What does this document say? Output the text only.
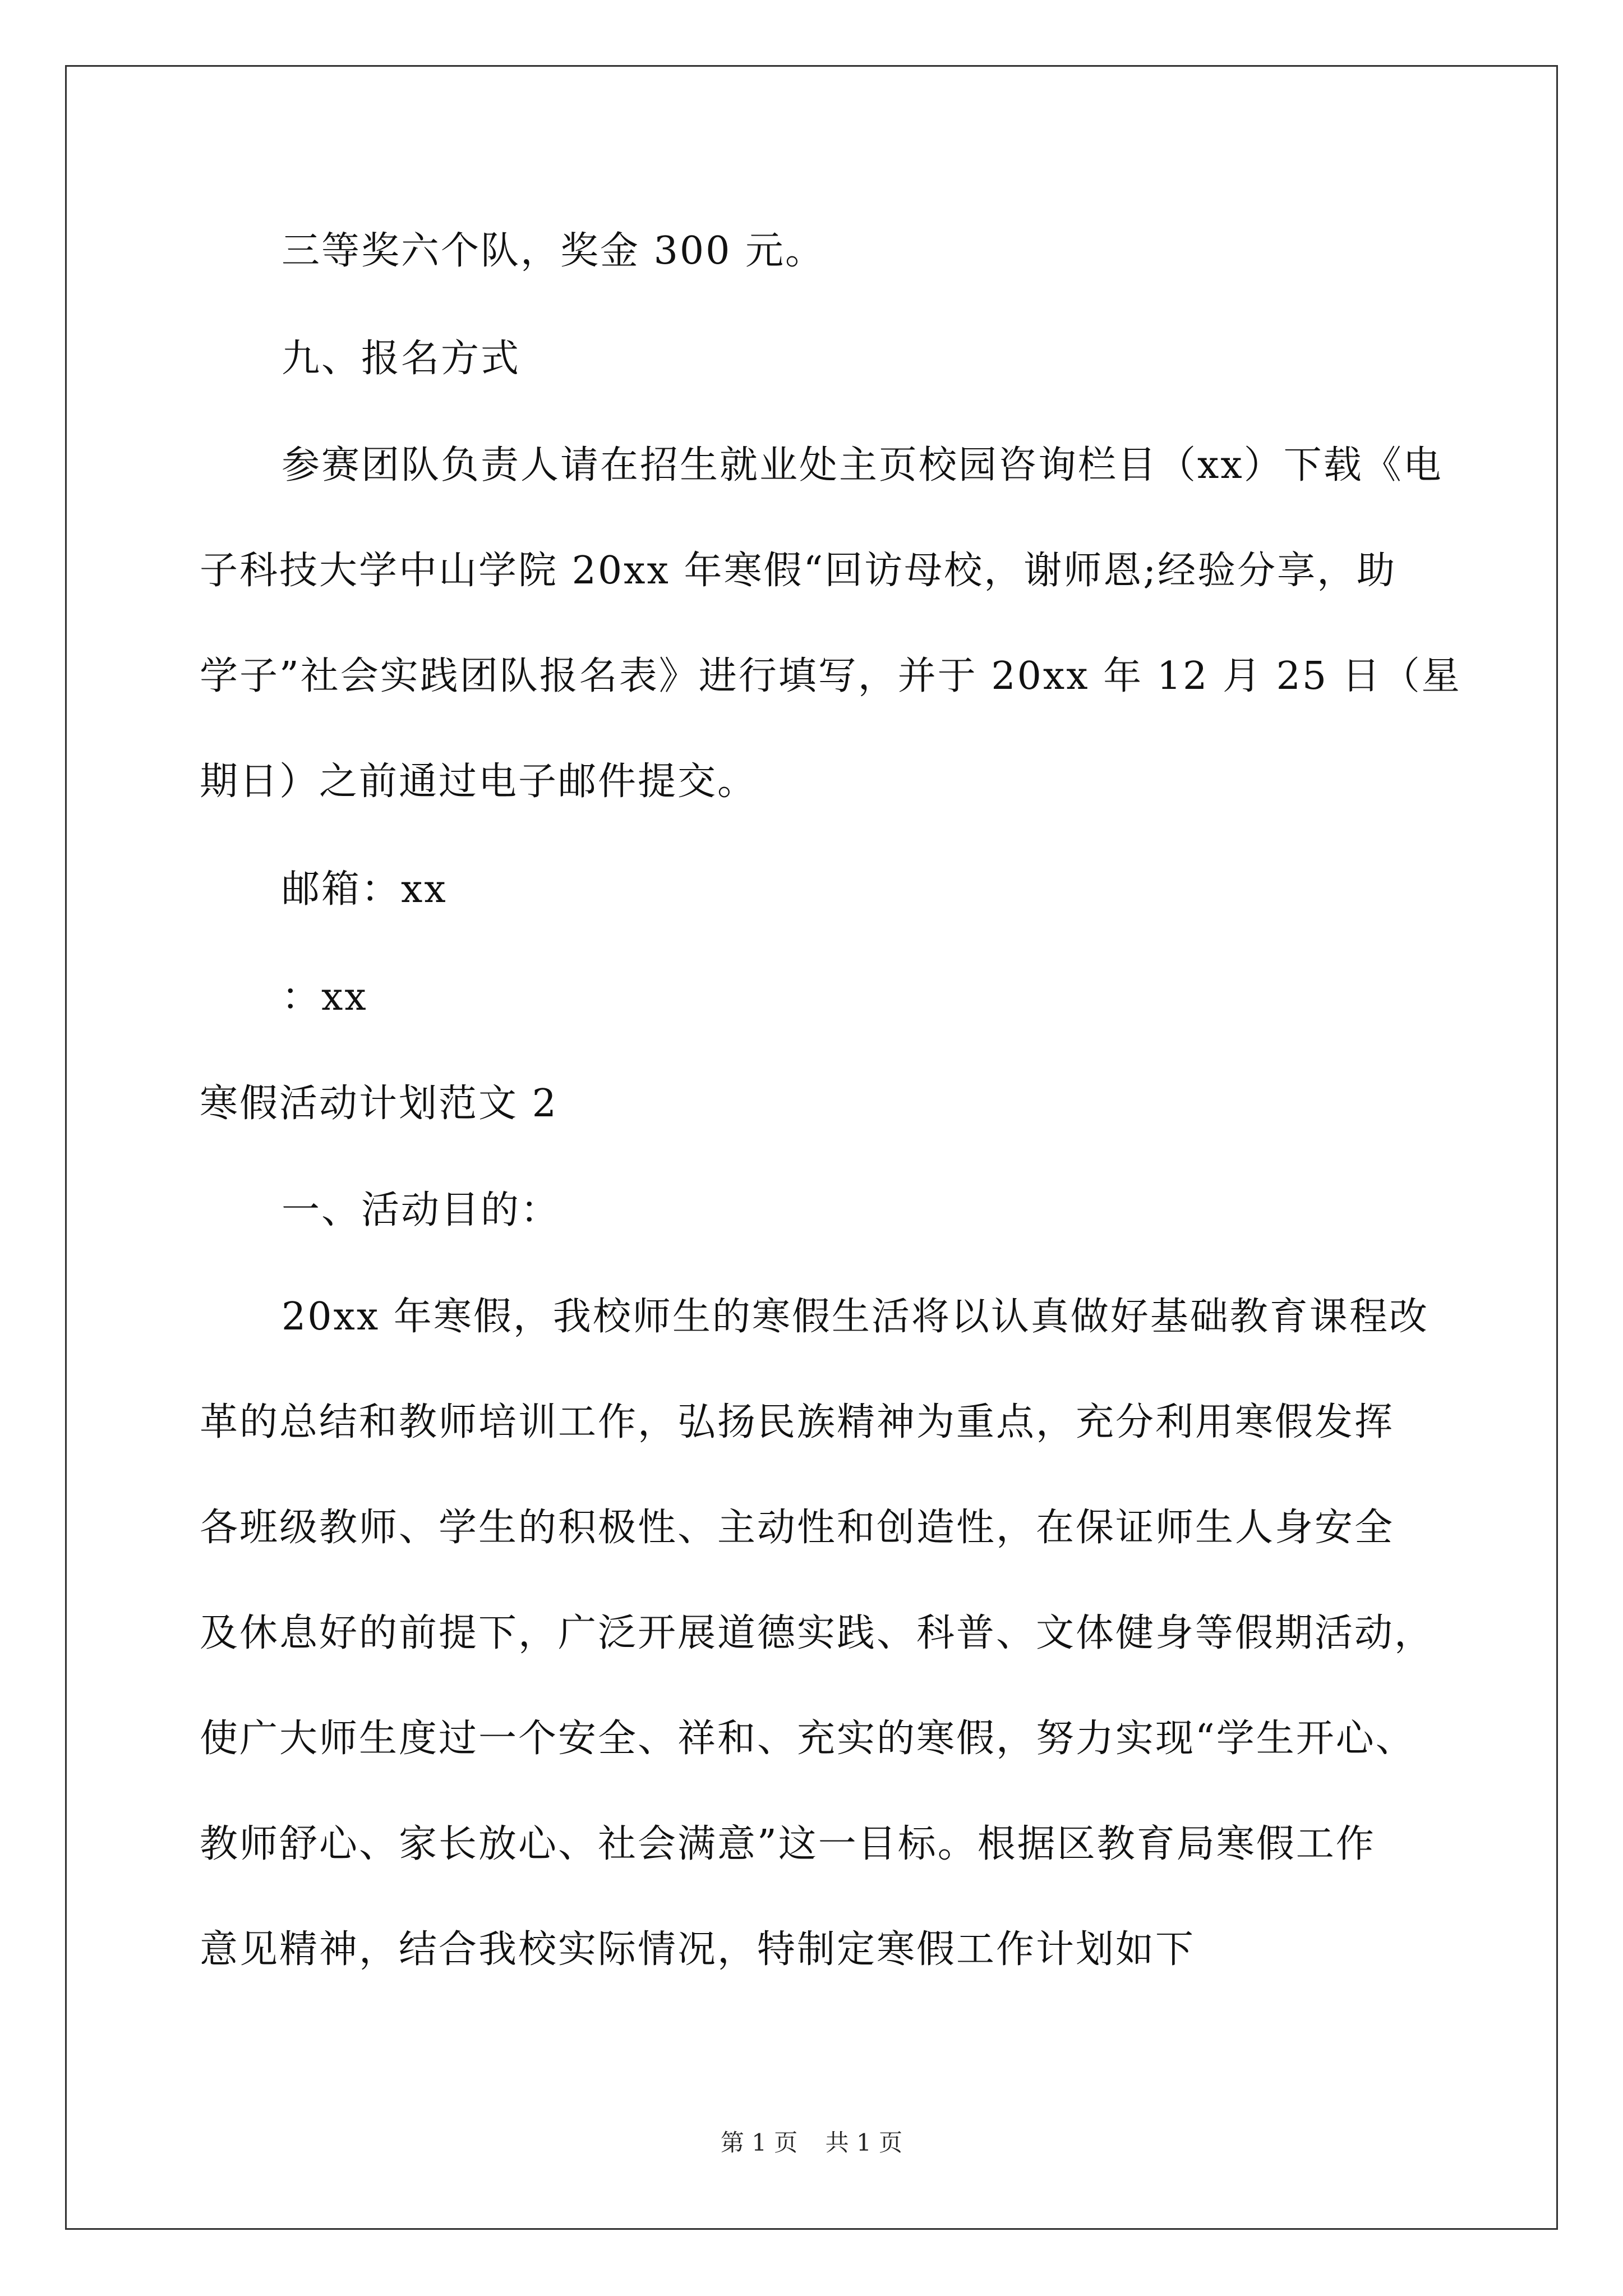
三等奖六个队，奖金 300 元。
九、报名方式
参赛团队负责人请在招生就业处主页校园咨询栏目（xx）下载《电
子科技大学中山学院 20xx 年寒假“回访母校，谢师恩;经验分享，助
学子”社会实践团队报名表》进行填写，并于 20xx 年 12 月 25 日（星
期日）之前通过电子邮件提交。
邮箱：xx
：xx
寒假活动计划范文 2
一、活动目的：
20xx 年寒假，我校师生的寒假生活将以认真做好基础教育课程改
革的总结和教师培训工作，弘扬民族精神为重点，充分利用寒假发挥
各班级教师、学生的积极性、主动性和创造性，在保证师生人身安全
及休息好的前提下，广泛开展道德实践、科普、文体健身等假期活动，
使广大师生度过一个安全、祥和、充实的寒假，努力实现“学生开心、
教师舒心、家长放心、社会满意”这一目标。根据区教育局寒假工作
意见精神，结合我校实际情况，特制定寒假工作计划如下
第 1 页 共 1 页
